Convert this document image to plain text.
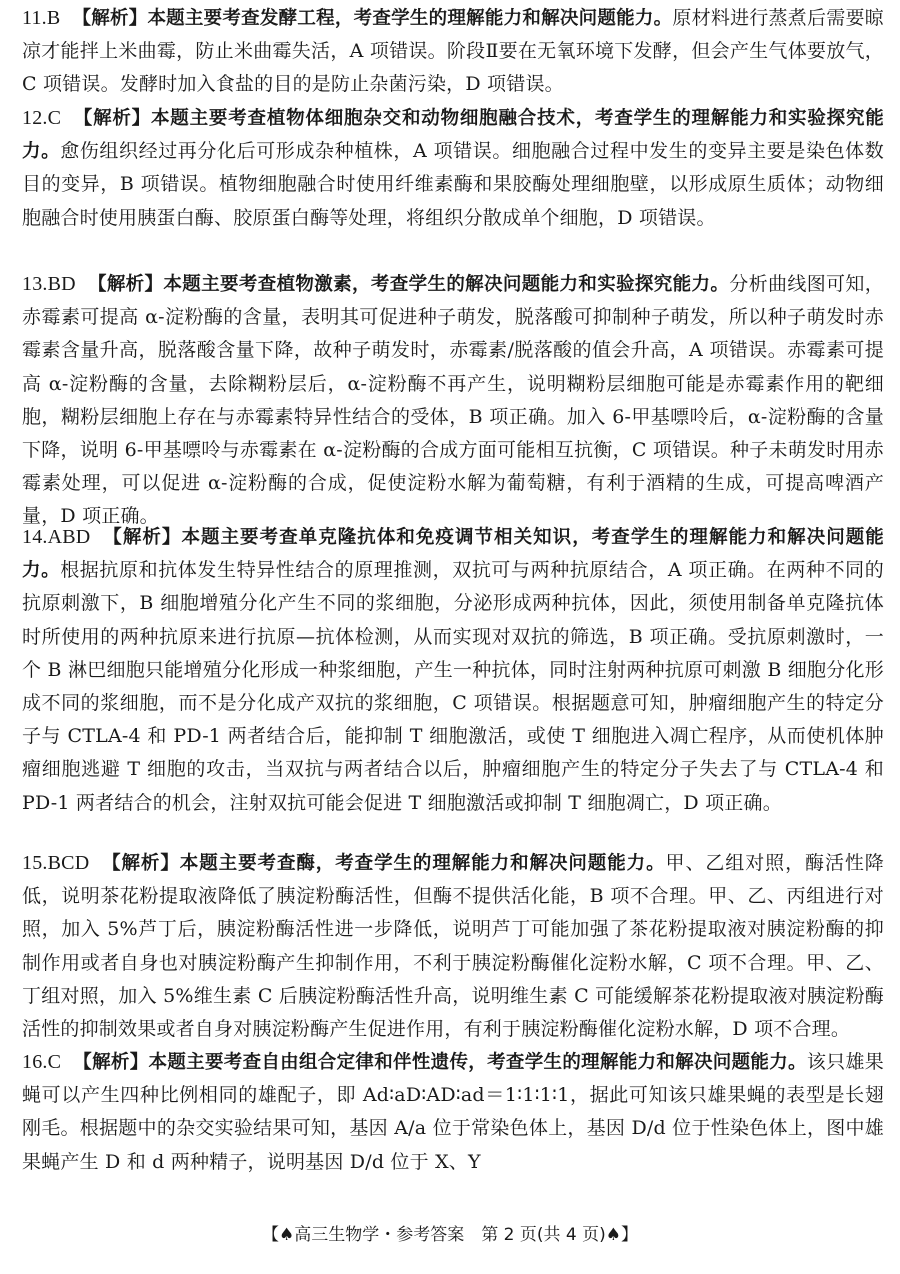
11.B 【解析】本题主要考查发酵工程，考查学生的理解能力和解决问题能力。原材料进行蒸煮后需要晾凉才能拌上米曲霉，防止米曲霉失活，A 项错误。阶段Ⅱ要在无氧环境下发酵，但会产生气体要放气，C 项错误。发酵时加入食盐的目的是防止杂菌污染，D 项错误。
12.C 【解析】本题主要考查植物体细胞杂交和动物细胞融合技术，考查学生的理解能力和实验探究能力。愈伤组织经过再分化后可形成杂种植株，A 项错误。细胞融合过程中发生的变异主要是染色体数目的变异，B 项错误。植物细胞融合时使用纤维素酶和果胶酶处理细胞壁，以形成原生质体；动物细胞融合时使用胰蛋白酶、胶原蛋白酶等处理，将组织分散成单个细胞，D 项错误。
13.BD 【解析】本题主要考查植物激素，考查学生的解决问题能力和实验探究能力。分析曲线图可知，赤霉素可提高 α-淀粉酶的含量，表明其可促进种子萌发，脱落酸可抑制种子萌发，所以种子萌发时赤霉素含量升高，脱落酸含量下降，故种子萌发时，赤霉素/脱落酸的值会升高，A 项错误。赤霉素可提高 α-淀粉酶的含量，去除糊粉层后，α-淀粉酶不再产生，说明糊粉层细胞可能是赤霉素作用的靶细胞，糊粉层细胞上存在与赤霉素特异性结合的受体，B 项正确。加入 6-甲基嘌呤后，α-淀粉酶的含量下降，说明 6-甲基嘌呤与赤霉素在 α-淀粉酶的合成方面可能相互抗衡，C 项错误。种子未萌发时用赤霉素处理，可以促进 α-淀粉酶的合成，促使淀粉水解为葡萄糖，有利于酒精的生成，可提高啤酒产量，D 项正确。
14.ABD 【解析】本题主要考查单克隆抗体和免疫调节相关知识，考查学生的理解能力和解决问题能力。根据抗原和抗体发生特异性结合的原理推测，双抗可与两种抗原结合，A 项正确。在两种不同的抗原刺激下，B 细胞增殖分化产生不同的浆细胞，分泌形成两种抗体，因此，须使用制备单克隆抗体时所使用的两种抗原来进行抗原—抗体检测，从而实现对双抗的筛选，B 项正确。受抗原刺激时，一个 B 淋巴细胞只能增殖分化形成一种浆细胞，产生一种抗体，同时注射两种抗原可刺激 B 细胞分化形成不同的浆细胞，而不是分化成产双抗的浆细胞，C 项错误。根据题意可知，肿瘤细胞产生的特定分子与 CTLA-4 和 PD-1 两者结合后，能抑制 T 细胞激活，或使 T 细胞进入凋亡程序，从而使机体肿瘤细胞逃避 T 细胞的攻击，当双抗与两者结合以后，肿瘤细胞产生的特定分子失去了与 CTLA-4 和 PD-1 两者结合的机会，注射双抗可能会促进 T 细胞激活或抑制 T 细胞凋亡，D 项正确。
15.BCD 【解析】本题主要考查酶，考查学生的理解能力和解决问题能力。甲、乙组对照，酶活性降低，说明茶花粉提取液降低了胰淀粉酶活性，但酶不提供活化能，B 项不合理。甲、乙、丙组进行对照，加入 5%芦丁后，胰淀粉酶活性进一步降低，说明芦丁可能加强了茶花粉提取液对胰淀粉酶的抑制作用或者自身也对胰淀粉酶产生抑制作用，不利于胰淀粉酶催化淀粉水解，C 项不合理。甲、乙、丁组对照，加入 5%维生素 C 后胰淀粉酶活性升高，说明维生素 C 可能缓解茶花粉提取液对胰淀粉酶活性的抑制效果或者自身对胰淀粉酶产生促进作用，有利于胰淀粉酶催化淀粉水解，D 项不合理。
16.C 【解析】本题主要考查自由组合定律和伴性遗传，考查学生的理解能力和解决问题能力。该只雄果蝇可以产生四种比例相同的雄配子，即 Ad∶aD∶AD∶ad＝1∶1∶1∶1，据此可知该只雄果蝇的表型是长翅刚毛。根据题中的杂交实验结果可知，基因 A/a 位于常染色体上，基因 D/d 位于性染色体上，图中雄果蝇产生 D 和 d 两种精子，说明基因 D/d 位于 X、Y
【♠高三生物学・参考答案　第 2 页(共 4 页)♠】
